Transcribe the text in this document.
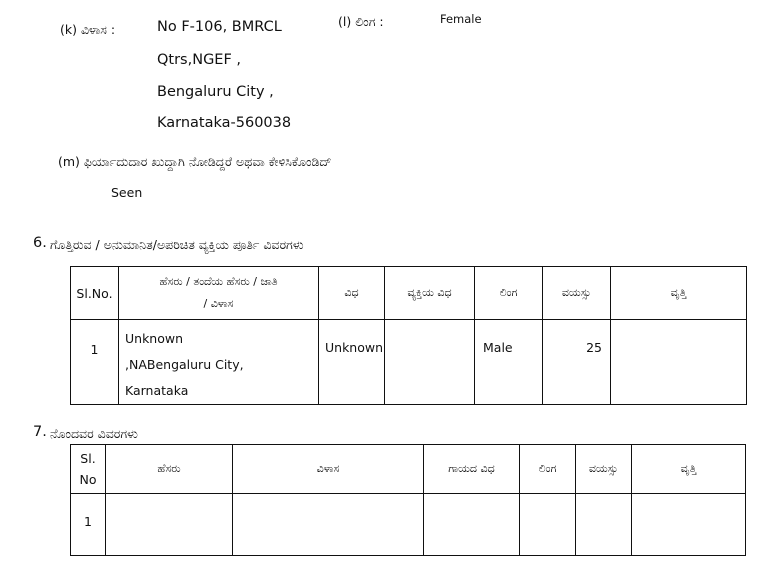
(k) ವಿಳಾಸ :	No F-106, BMRCL
Qtrs,NGEF ,
Bengaluru City ,
Karnataka-560038
(l) ಲಿಂಗ :	Female
(m) ಫಿರ್ಯಾದುದಾರ ಖುದ್ದಾಗಿ ನೋಡಿದ್ದರೆ ಅಥವಾ ಕೇಳಿಸಿಕೊಂಡಿದ್
Seen
6. ಗೊತ್ತಿರುವ / ಅನುಮಾನಿತ/ಅಪರಿಚಿತ ವ್ಯಕ್ತಿಯ ಪೂರ್ತಿ ವಿವರಗಳು
Sl.No.	ಹೆಸರು / ತಂದೆಯ ಹೆಸರು / ಜಾತಿ
/ ವಿಳಾಸ	ವಿಧ	ವ್ಯಕ್ತಿಯ ವಿಧ	ಲಿಂಗ	ವಯಸ್ಸು	ವೃತ್ತಿ
1	Unknown
,NABengaluru City,
Karnataka	Unknown		Male	25	
7. ನೊಂದವರ ವಿವರಗಳು
Sl.
No	ಹೆಸರು	ವಿಳಾಸ	ಗಾಯದ ವಿಧ	ಲಿಂಗ	ವಯಸ್ಸು	ವೃತ್ತಿ
1						
